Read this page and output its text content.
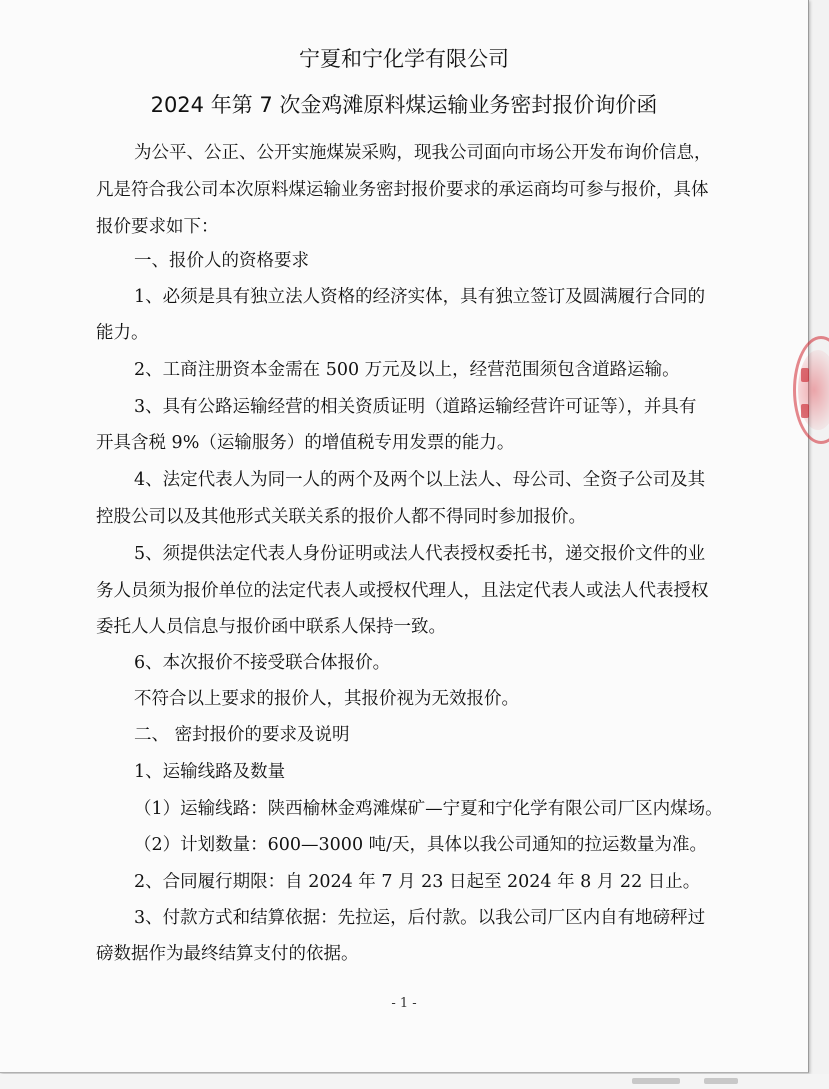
宁夏和宁化学有限公司
2024 年第 7 次金鸡滩原料煤运输业务密封报价询价函
为公平、公正、公开实施煤炭采购，现我公司面向市场公开发布询价信息，
凡是符合我公司本次原料煤运输业务密封报价要求的承运商均可参与报价，具体
报价要求如下：
一、报价人的资格要求
1、必须是具有独立法人资格的经济实体，具有独立签订及圆满履行合同的
能力。
2、工商注册资本金需在 500 万元及以上，经营范围须包含道路运输。
3、具有公路运输经营的相关资质证明（道路运输经营许可证等），并具有
开具含税 9%（运输服务）的增值税专用发票的能力。
4、法定代表人为同一人的两个及两个以上法人、母公司、全资子公司及其
控股公司以及其他形式关联关系的报价人都不得同时参加报价。
5、须提供法定代表人身份证明或法人代表授权委托书，递交报价文件的业
务人员须为报价单位的法定代表人或授权代理人，且法定代表人或法人代表授权
委托人人员信息与报价函中联系人保持一致。
6、本次报价不接受联合体报价。
不符合以上要求的报价人，其报价视为无效报价。
二、 密封报价的要求及说明
1、运输线路及数量
（1）运输线路：陕西榆林金鸡滩煤矿—宁夏和宁化学有限公司厂区内煤场。
（2）计划数量：600—3000 吨/天，具体以我公司通知的拉运数量为准。
2、合同履行期限：自 2024 年 7 月 23 日起至 2024 年 8 月 22 日止。
3、付款方式和结算依据：先拉运，后付款。以我公司厂区内自有地磅秤过
磅数据作为最终结算支付的依据。
- 1 -
